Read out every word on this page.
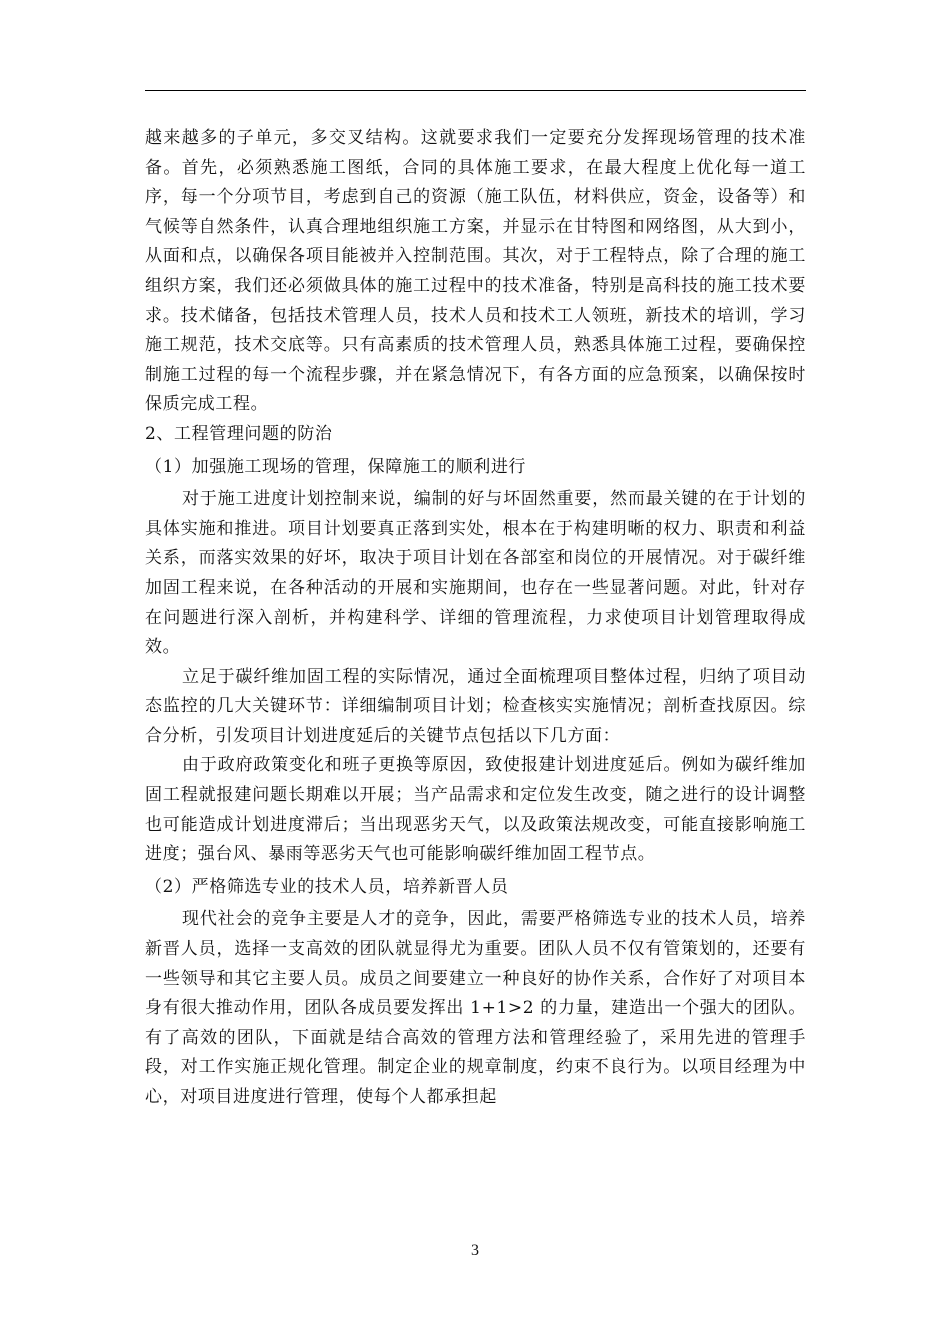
越来越多的子单元，多交叉结构。这就要求我们一定要充分发挥现场管理的技术准备。首先，必须熟悉施工图纸，合同的具体施工要求，在最大程度上优化每一道工序，每一个分项节目，考虑到自己的资源（施工队伍，材料供应，资金，设备等）和气候等自然条件，认真合理地组织施工方案，并显示在甘特图和网络图，从大到小，从面和点，以确保各项目能被并入控制范围。其次，对于工程特点，除了合理的施工组织方案，我们还必须做具体的施工过程中的技术准备，特别是高科技的施工技术要求。技术储备，包括技术管理人员，技术人员和技术工人领班，新技术的培训，学习施工规范，技术交底等。只有高素质的技术管理人员，熟悉具体施工过程，要确保控制施工过程的每一个流程步骤，并在紧急情况下，有各方面的应急预案，以确保按时保质完成工程。

2、工程管理问题的防治

（1）加强施工现场的管理，保障施工的顺利进行

对于施工进度计划控制来说，编制的好与坏固然重要，然而最关键的在于计划的具体实施和推进。项目计划要真正落到实处，根本在于构建明晰的权力、职责和利益关系，而落实效果的好坏，取决于项目计划在各部室和岗位的开展情况。对于碳纤维加固工程来说，在各种活动的开展和实施期间，也存在一些显著问题。对此，针对存在问题进行深入剖析，并构建科学、详细的管理流程，力求使项目计划管理取得成效。

立足于碳纤维加固工程的实际情况，通过全面梳理项目整体过程，归纳了项目动态监控的几大关键环节：详细编制项目计划；检查核实实施情况；剖析查找原因。综合分析，引发项目计划进度延后的关键节点包括以下几方面：

由于政府政策变化和班子更换等原因，致使报建计划进度延后。例如为碳纤维加固工程就报建问题长期难以开展；当产品需求和定位发生改变，随之进行的设计调整也可能造成计划进度滞后；当出现恶劣天气，以及政策法规改变，可能直接影响施工进度；强台风、暴雨等恶劣天气也可能影响碳纤维加固工程节点。

（2）严格筛选专业的技术人员，培养新晋人员

现代社会的竞争主要是人才的竞争，因此，需要严格筛选专业的技术人员，培养新晋人员，选择一支高效的团队就显得尤为重要。团队人员不仅有管策划的，还要有一些领导和其它主要人员。成员之间要建立一种良好的协作关系，合作好了对项目本身有很大推动作用，团队各成员要发挥出 1+1>2 的力量，建造出一个强大的团队。有了高效的团队，下面就是结合高效的管理方法和管理经验了，采用先进的管理手段，对工作实施正规化管理。制定企业的规章制度，约束不良行为。以项目经理为中心，对项目进度进行管理，使每个人都承担起

3
